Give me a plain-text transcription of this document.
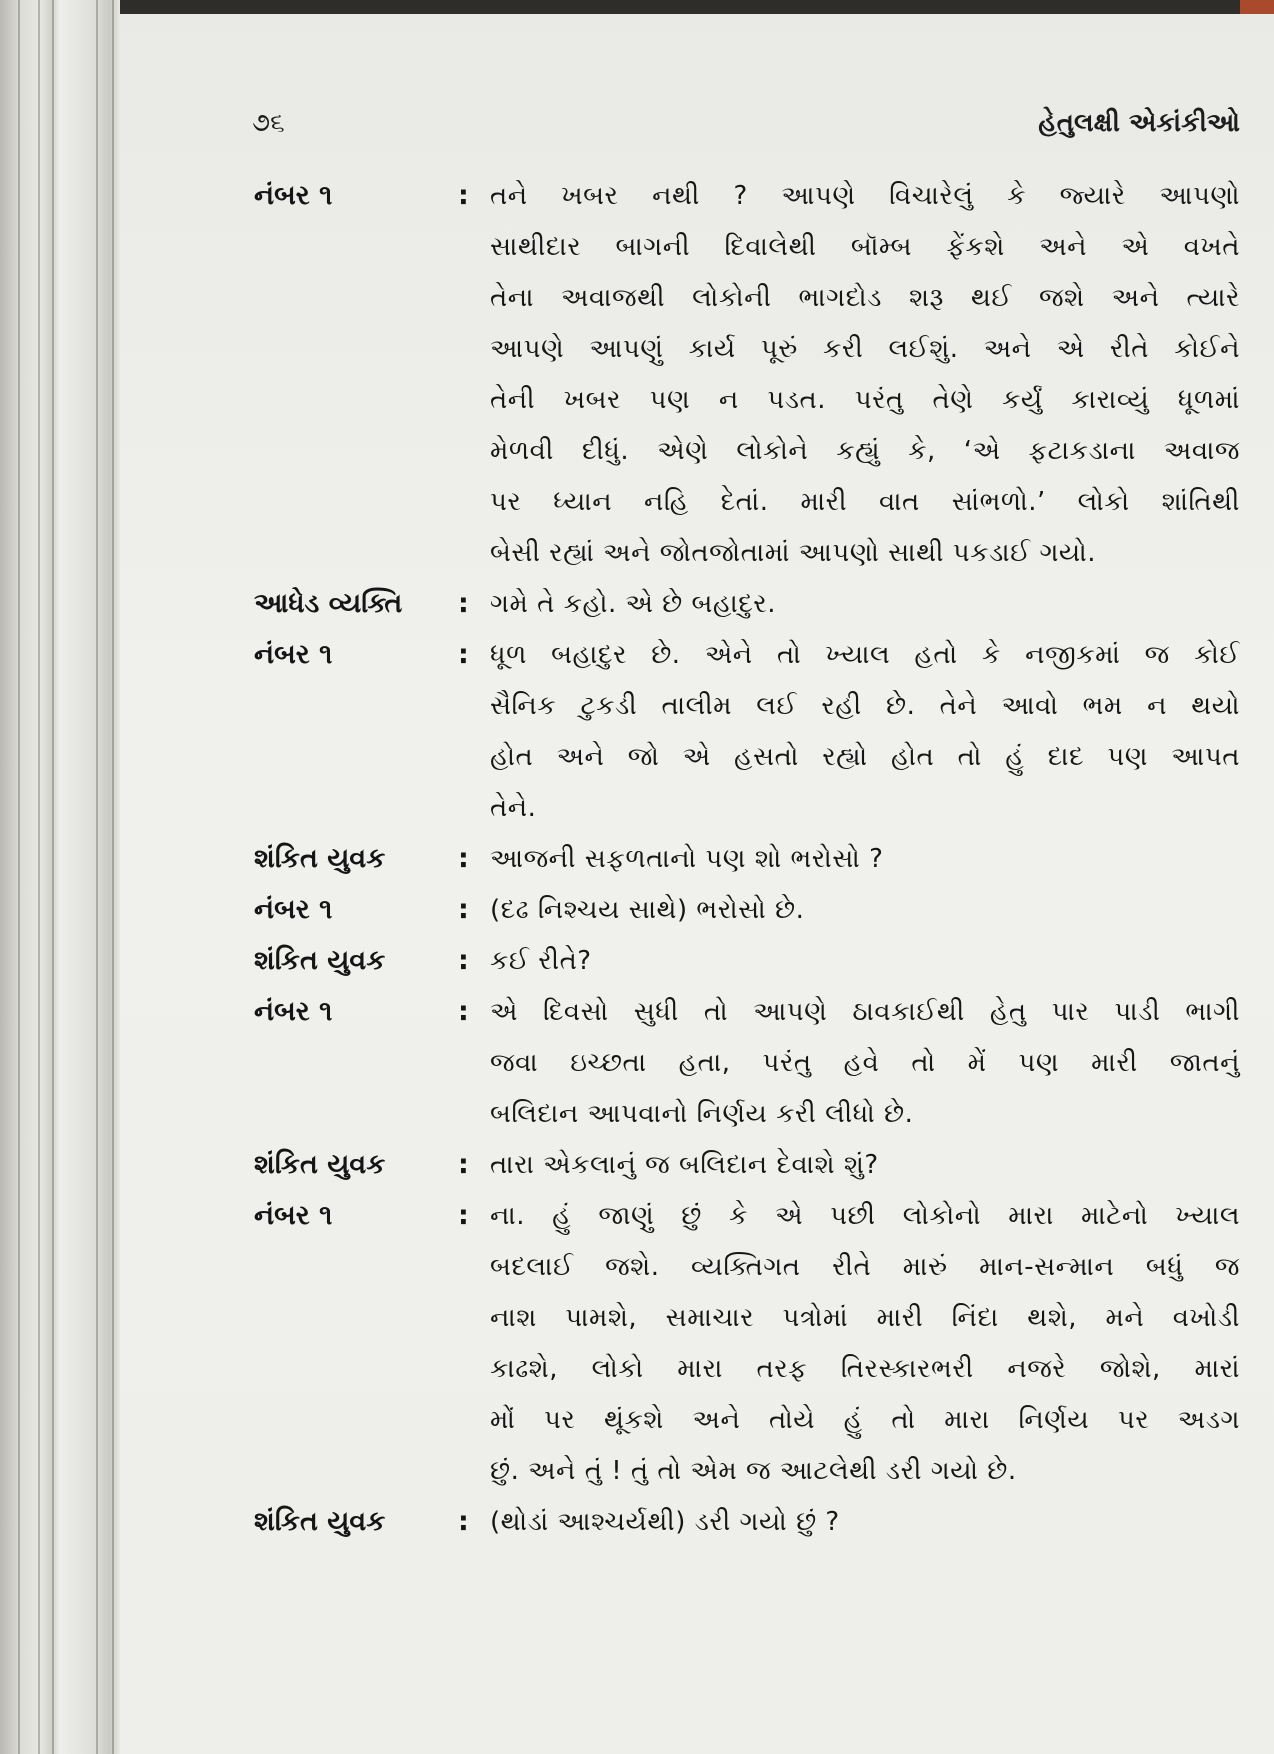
૭૬	હેતુલક્ષી એકાંકીઓ
નંબર ૧	: તને ખબર નથી ? આપણે વિચારેલું કે જ્યારે આપણો
સાથીદાર બાગની દિવાલેથી બૉમ્બ ફેંકશે અને એ વખતે
તેના અવાજથી લોકોની ભાગદોડ શરૂ થઈ જશે અને ત્યારે
આપણે આપણું કાર્ય પૂરું કરી લઈશું. અને એ રીતે કોઈને
તેની ખબર પણ ન પડત. પરંતુ તેણે કર્યું કારાવ્યું ધૂળમાં
મેળવી દીધું. એણે લોકોને કહ્યું કે, ‘એ ફટાકડાના અવાજ
પર ધ્યાન નહિ દેતાં. મારી વાત સાંભળો.’ લોકો શાંતિથી
બેસી રહ્યાં અને જોતજોતામાં આપણો સાથી પકડાઈ ગયો.
આધેડ વ્યક્તિ : ગમે તે કહો. એ છે બહાદુર.
નંબર ૧	: ધૂળ બહાદુર છે. એને તો ખ્યાલ હતો કે નજીકમાં જ કોઈ
સૈનિક ટુકડી તાલીમ લઈ રહી છે. તેને આવો ભમ ન થયો
હોત અને જો એ હસતો રહ્યો હોત તો હું દાદ પણ આપત
તેને.
શંકિત યુવક	: આજની સફળતાનો પણ શો ભરોસો ?
નંબર ૧	: (દઢ નિશ્ચય સાથે) ભરોસો છે.
શંકિત યુવક	: કઈ રીતે?
નંબર ૧	: એ દિવસો સુધી તો આપણે ઠાવકાઈથી હેતુ પાર પાડી ભાગી
જવા ઇચ્છતા હતા, પરંતુ હવે તો મેં પણ મારી જાતનું
બલિદાન આપવાનો નિર્ણય કરી લીધો છે.
શંકિત યુવક	: તારા એકલાનું જ બલિદાન દેવાશે શું?
નંબર ૧	: ના. હું જાણું છું કે એ પછી લોકોનો મારા માટેનો ખ્યાલ
બદલાઈ જશે. વ્યક્તિગત રીતે મારું માન-સન્માન બધું જ
નાશ પામશે, સમાચાર પત્રોમાં મારી નિંદા થશે, મને વખોડી
કાઢશે, લોકો મારા તરફ તિરસ્કારભરી નજરે જોશે, મારાં
મોં પર થૂંકશે અને તોયે હું તો મારા નિર્ણય પર અડગ
છું. અને તું ! તું તો એમ જ આટલેથી ડરી ગયો છે.
શંકિત યુવક	: (થોડાં આશ્ચર્યથી) ડરી ગયો છું ?
